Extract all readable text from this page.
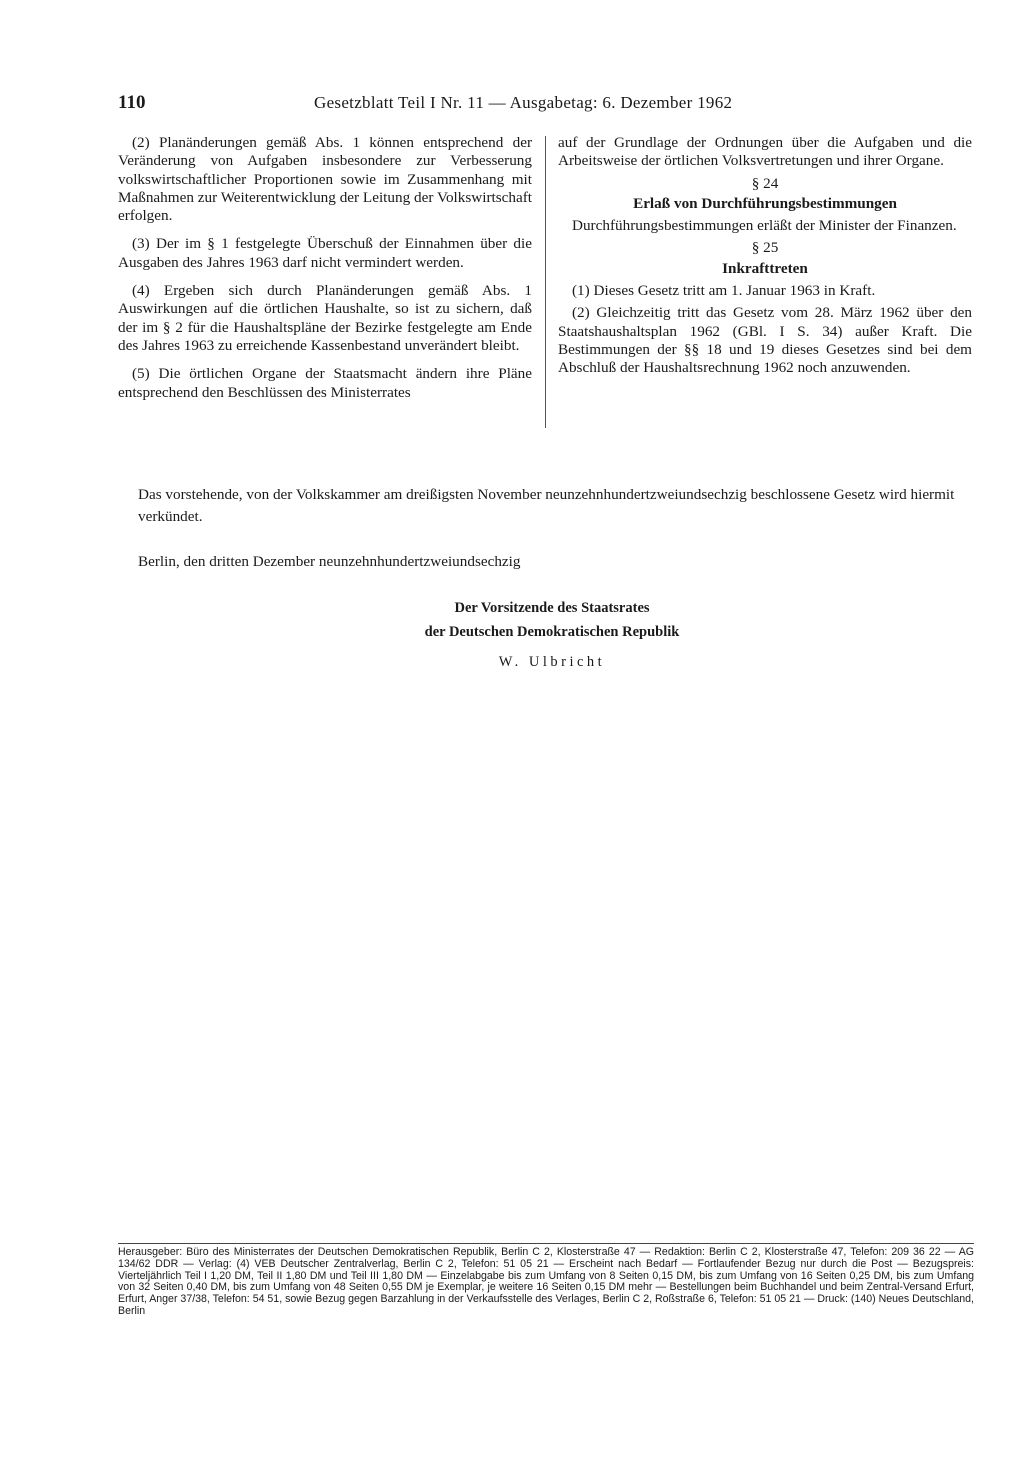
110	Gesetzblatt Teil I Nr. 11 — Ausgabetag: 6. Dezember 1962

(2) Planänderungen gemäß Abs. 1 können entsprechend der Veränderung von Aufgaben insbesondere zur Verbesserung volkswirtschaftlicher Proportionen sowie im Zusammenhang mit Maßnahmen zur Weiterentwicklung der Leitung der Volkswirtschaft erfolgen.

(3) Der im § 1 festgelegte Überschuß der Einnahmen über die Ausgaben des Jahres 1963 darf nicht vermindert werden.

(4) Ergeben sich durch Planänderungen gemäß Abs. 1 Auswirkungen auf die örtlichen Haushalte, so ist zu sichern, daß der im § 2 für die Haushaltspläne der Bezirke festgelegte am Ende des Jahres 1963 zu erreichende Kassenbestand unverändert bleibt.

(5) Die örtlichen Organe der Staatsmacht ändern ihre Pläne entsprechend den Beschlüssen des Ministerrates

auf der Grundlage der Ordnungen über die Aufgaben und die Arbeitsweise der örtlichen Volksvertretungen und ihrer Organe.

§ 24
Erlaß von Durchführungsbestimmungen

Durchführungsbestimmungen erläßt der Minister der Finanzen.

§ 25
Inkrafttreten

(1) Dieses Gesetz tritt am 1. Januar 1963 in Kraft.

(2) Gleichzeitig tritt das Gesetz vom 28. März 1962 über den Staatshaushaltsplan 1962 (GBl. I S. 34) außer Kraft. Die Bestimmungen der §§ 18 und 19 dieses Gesetzes sind bei dem Abschluß der Haushaltsrechnung 1962 noch anzuwenden.

Das vorstehende, von der Volkskammer am dreißigsten November neunzehnhundertzweiundsechzig beschlossene Gesetz wird hiermit verkündet.
Berlin, den dritten Dezember neunzehnhundertzweiundsechzig
Der Vorsitzende des Staatsrates
der Deutschen Demokratischen Republik
W. Ulbricht
Herausgeber: Büro des Ministerrates der Deutschen Demokratischen Republik, Berlin C 2, Klosterstraße 47 — Redaktion: Berlin C 2, Klosterstraße 47, Telefon: 209 36 22 — AG 134/62 DDR — Verlag: (4) VEB Deutscher Zentralverlag, Berlin C 2, Telefon: 51 05 21 — Erscheint nach Bedarf — Fortlaufender Bezug nur durch die Post — Bezugspreis: Vierteljährlich Teil I 1,20 DM, Teil II 1,80 DM und Teil III 1,80 DM — Einzelabgabe bis zum Umfang von 8 Seiten 0,15 DM, bis zum Umfang von 16 Seiten 0,25 DM, bis zum Umfang von 32 Seiten 0,40 DM, bis zum Umfang von 48 Seiten 0,55 DM je Exemplar, je weitere 16 Seiten 0,15 DM mehr — Bestellungen beim Buchhandel und beim Zentral-Versand Erfurt, Erfurt, Anger 37/38, Telefon: 54 51, sowie Bezug gegen Barzahlung in der Verkaufsstelle des Verlages, Berlin C 2, Roßstraße 6, Telefon: 51 05 21 — Druck: (140) Neues Deutschland, Berlin
